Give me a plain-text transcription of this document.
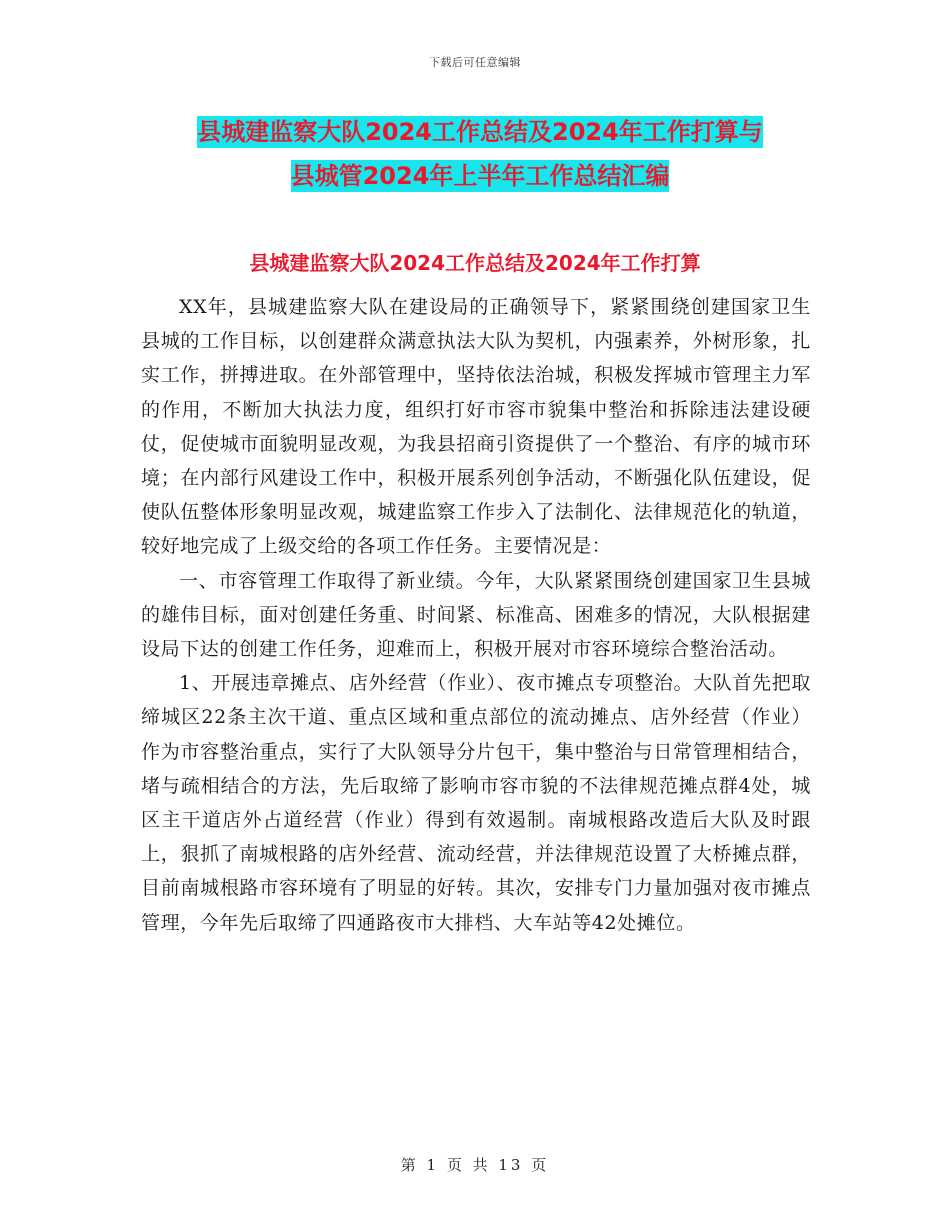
下载后可任意编辑
县城建监察大队2024工作总结及2024年工作打算与
县城管2024年上半年工作总结汇编
县城建监察大队2024工作总结及2024年工作打算

XX年，县城建监察大队在建设局的正确领导下，紧紧围绕创建国家卫生县城的工作目标，以创建群众满意执法大队为契机，内强素养，外树形象，扎实工作，拼搏进取。在外部管理中，坚持依法治城，积极发挥城市管理主力军的作用，不断加大执法力度，组织打好市容市貌集中整治和拆除违法建设硬仗，促使城市面貌明显改观，为我县招商引资提供了一个整治、有序的城市环境；在内部行风建设工作中，积极开展系列创争活动，不断强化队伍建设，促使队伍整体形象明显改观，城建监察工作步入了法制化、法律规范化的轨道，较好地完成了上级交给的各项工作任务。主要情况是：

一、市容管理工作取得了新业绩。今年，大队紧紧围绕创建国家卫生县城的雄伟目标，面对创建任务重、时间紧、标准高、困难多的情况，大队根据建设局下达的创建工作任务，迎难而上，积极开展对市容环境综合整治活动。

1、开展违章摊点、店外经营（作业）、夜市摊点专项整治。大队首先把取缔城区22条主次干道、重点区域和重点部位的流动摊点、店外经营（作业）作为市容整治重点，实行了大队领导分片包干，集中整治与日常管理相结合，堵与疏相结合的方法，先后取缔了影响市容市貌的不法律规范摊点群4处，城区主干道店外占道经营（作业）得到有效遏制。南城根路改造后大队及时跟上，狠抓了南城根路的店外经营、流动经营，并法律规范设置了大桥摊点群，目前南城根路市容环境有了明显的好转。其次，安排专门力量加强对夜市摊点管理，今年先后取缔了四通路夜市大排档、大车站等42处摊位。

第 1 页 共 13 页
